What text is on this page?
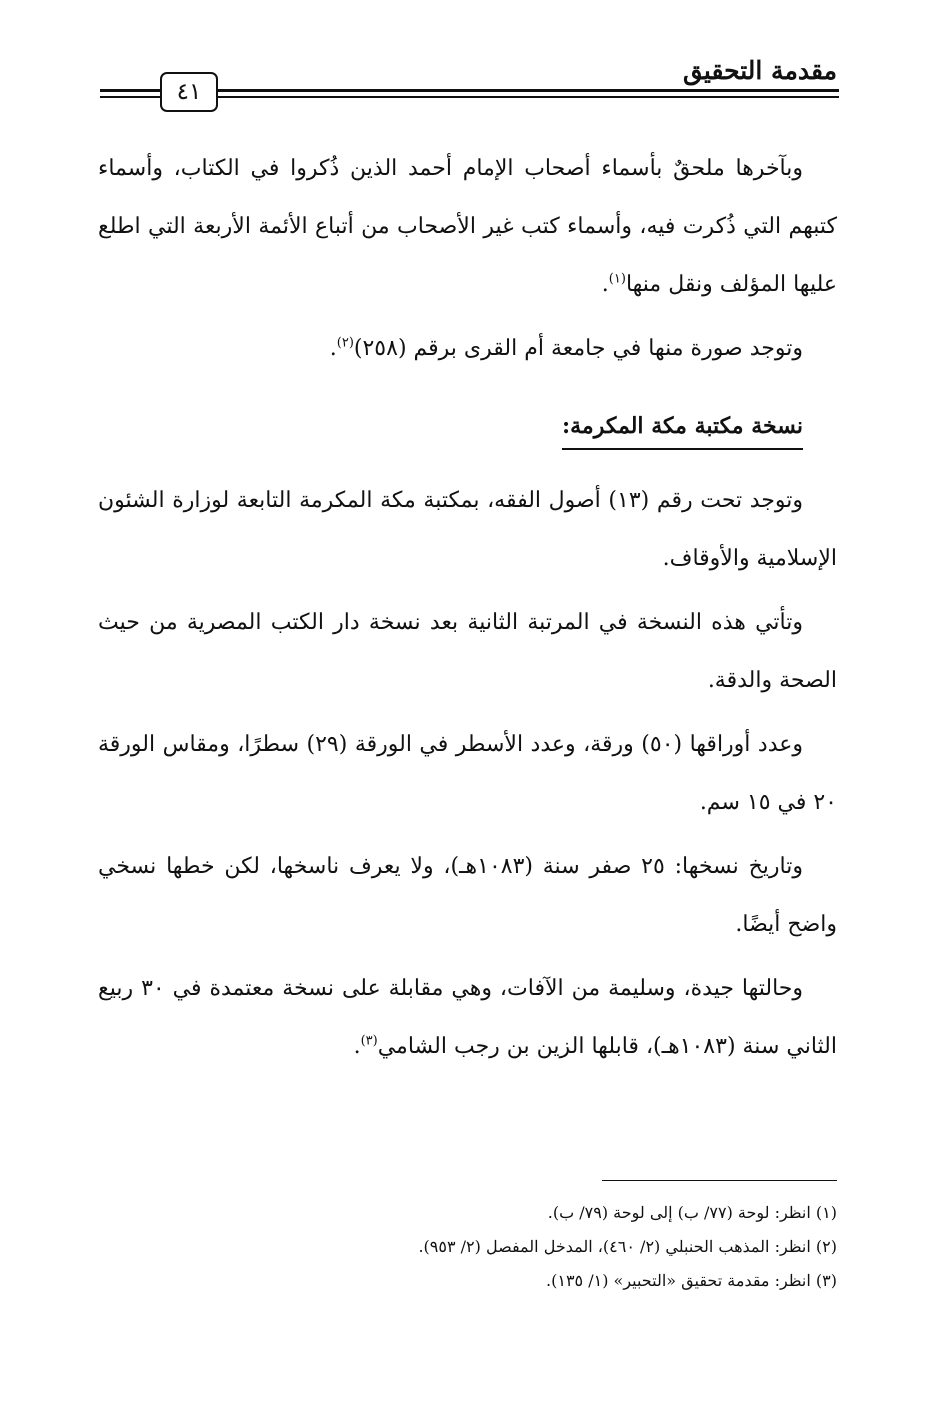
مقدمة التحقيق
٤١

وبآخرها ملحقٌ بأسماء أصحاب الإمام أحمد الذين ذُكروا في الكتاب، وأسماء كتبهم التي ذُكرت فيه، وأسماء كتب غير الأصحاب من أتباع الأئمة الأربعة التي اطلع عليها المؤلف ونقل منها$^{(١)}$.

وتوجد صورة منها في جامعة أم القرى برقم (٢٥٨)$^{(٢)}$.

نسخة مكتبة مكة المكرمة:

وتوجد تحت رقم (١٣) أصول الفقه، بمكتبة مكة المكرمة التابعة لوزارة الشئون الإسلامية والأوقاف.

وتأتي هذه النسخة في المرتبة الثانية بعد نسخة دار الكتب المصرية من حيث الصحة والدقة.

وعدد أوراقها (٥٠) ورقة، وعدد الأسطر في الورقة (٢٩) سطرًا، ومقاس الورقة ٢٠ في ١٥ سم.

وتاريخ نسخها: ٢٥ صفر سنة (١٠٨٣هـ)، ولا يعرف ناسخها، لكن خطها نسخي واضح أيضًا.

وحالتها جيدة، وسليمة من الآفات، وهي مقابلة على نسخة معتمدة في ٣٠ ربيع الثاني سنة (١٠٨٣هـ)، قابلها الزين بن رجب الشامي$^{(٣)}$.

(١) انظر: لوحة (٧٧/ ب) إلى لوحة (٧٩/ ب).

(٢) انظر: المذهب الحنبلي (٢/ ٤٦٠)، المدخل المفصل (٢/ ٩٥٣).

(٣) انظر: مقدمة تحقيق «التحبير» (١/ ١٣٥).
